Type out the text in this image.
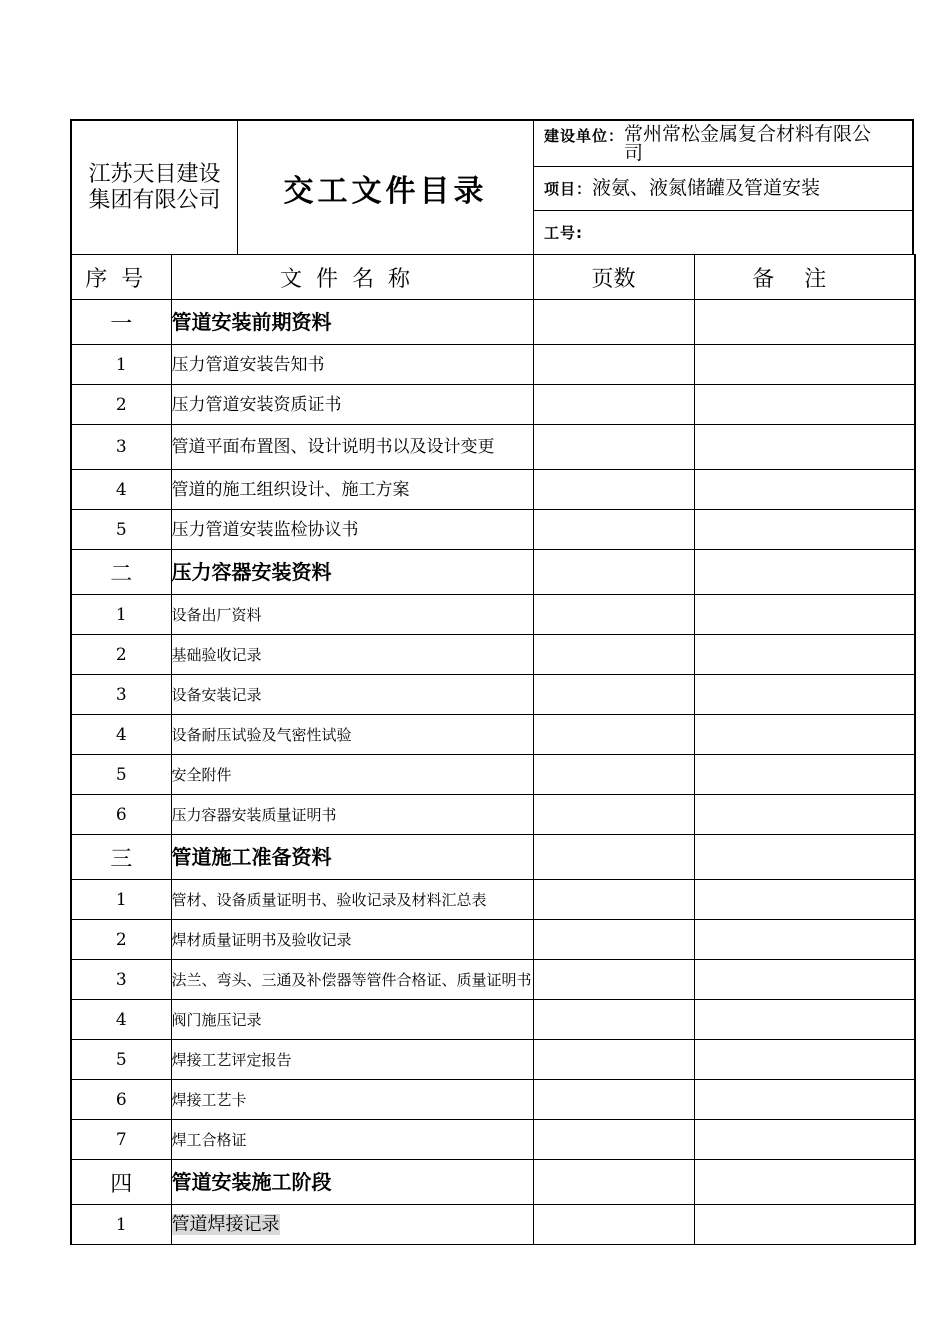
江苏天目建设集团有限公司	交工文件目录
建设单位： 常州常松金属复合材料有限公司
项目： 液氨、液氮储罐及管道安装
工号:
序号	文件名称	页数	备注
一	管道安装前期资料		
1	压力管道安装告知书		
2	压力管道安装资质证书		
3	管道平面布置图、设计说明书以及设计变更		
4	管道的施工组织设计、施工方案		
5	压力管道安装监检协议书		
二	压力容器安装资料		
1	设备出厂资料		
2	基础验收记录		
3	设备安装记录		
4	设备耐压试验及气密性试验		
5	安全附件		
6	压力容器安装质量证明书		
三	管道施工准备资料		
1	管材、设备质量证明书、验收记录及材料汇总表		
2	焊材质量证明书及验收记录		
3	法兰、弯头、三通及补偿器等管件合格证、质量证明书		
4	阀门施压记录		
5	焊接工艺评定报告		
6	焊接工艺卡		
7	焊工合格证		
四	管道安装施工阶段		
1	管道焊接记录		
